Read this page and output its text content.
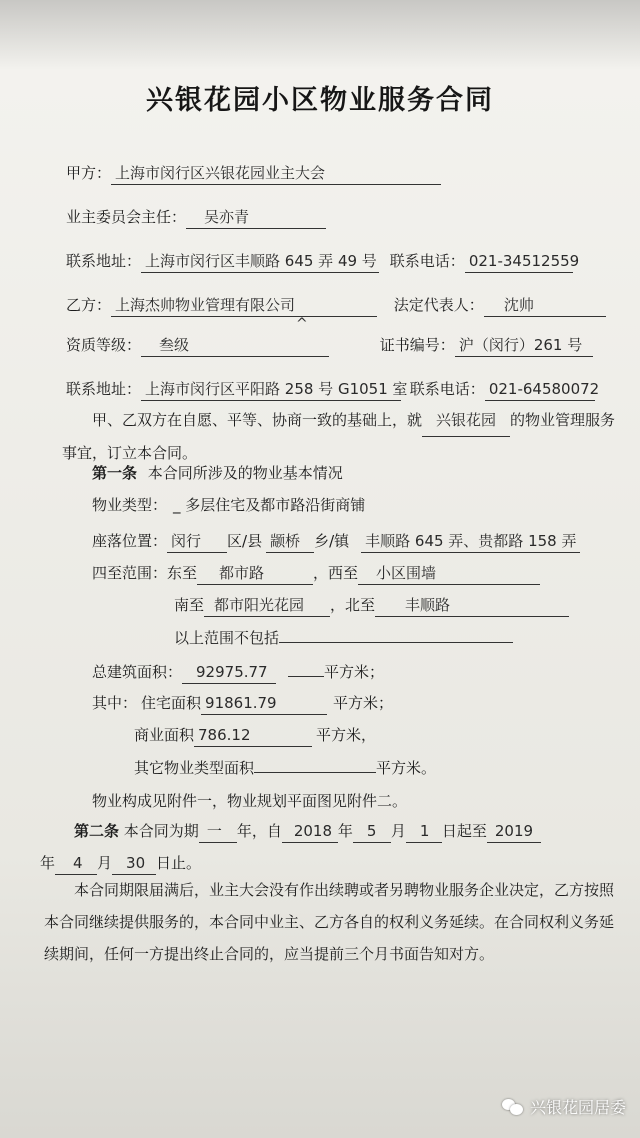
兴银花园小区物业服务合同
甲方： 上海市闵行区兴银花园业主大会
业主委员会主任： 吴亦青
联系地址： 上海市闵行区丰顺路 645 弄 49 号 联系电话： 021-34512559
乙方： 上海杰帅物业管理有限公司	法定代表人： 沈帅
^
资质等级： 叁级	证书编号： 沪（闵行）261 号
联系地址： 上海市闵行区平阳路 258 号 G1051 室 联系电话： 021-64580072
甲、乙双方在自愿、平等、协商一致的基础上，就 兴银花园 的物业管理服务事宜，订立本合同。
第一条 本合同所涉及的物业基本情况
物业类型： _ 多层住宅及都市路沿街商铺
座落位置： 闵行 区/县 颛桥 乡/镇 丰顺路 645 弄、贵都路 158 弄
四至范围：东至 都市路	，西至 小区围墙
南至 都市阳光花园 ，北至 丰顺路
以上范围不包括
总建筑面积： 92975.77	平方米；
其中： 住宅面积 91861.79	平方米；
商业面积 786.12	平方米，
其它物业类型面积	平方米。
物业构成见附件一，物业规划平面图见附件二。
第二条 本合同为期 一 年，自 2018 年 5 月 1 日起至 2019
年 4 月 30 日止。
本合同期限届满后，业主大会没有作出续聘或者另聘物业服务企业决定，乙方按照本合同继续提供服务的，本合同中业主、乙方各自的权利义务延续。在合同权利义务延续期间，任何一方提出终止合同的，应当提前三个月书面告知对方。
兴银花园居委
